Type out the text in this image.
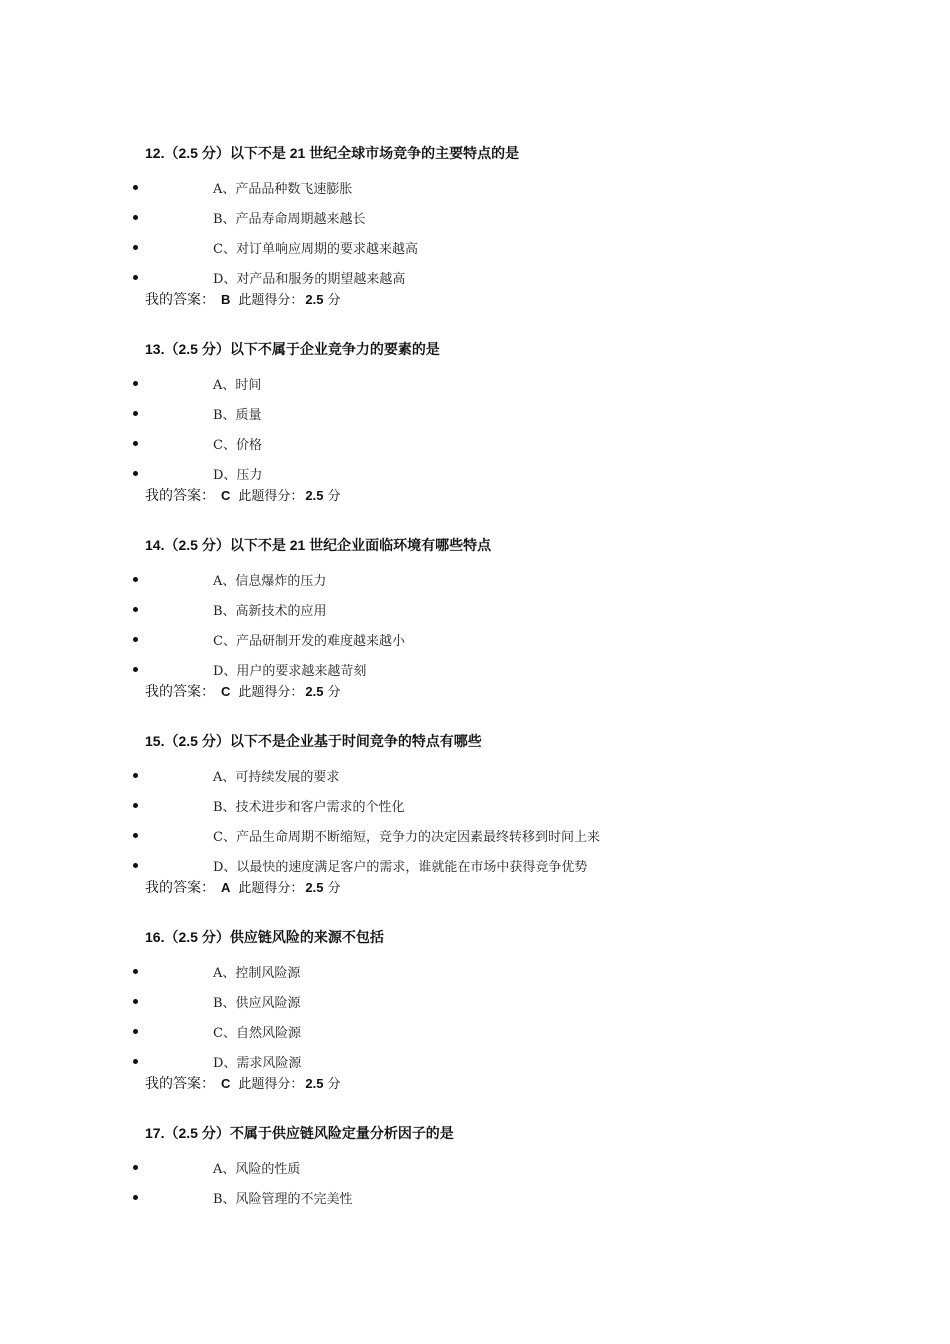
12.（2.5 分）以下不是 21 世纪全球市场竞争的主要特点的是
A、产品品种数飞速膨胀
B、产品寿命周期越来越长
C、对订单响应周期的要求越来越高
D、对产品和服务的期望越来越高
我的答案： B 此题得分： 2.5 分
13.（2.5 分）以下不属于企业竞争力的要素的是
A、时间
B、质量
C、价格
D、压力
我的答案： C 此题得分： 2.5 分
14.（2.5 分）以下不是 21 世纪企业面临环境有哪些特点
A、信息爆炸的压力
B、高新技术的应用
C、产品研制开发的难度越来越小
D、用户的要求越来越苛刻
我的答案： C 此题得分： 2.5 分
15.（2.5 分）以下不是企业基于时间竞争的特点有哪些
A、可持续发展的要求
B、技术进步和客户需求的个性化
C、产品生命周期不断缩短，竞争力的决定因素最终转移到时间上来
D、以最快的速度满足客户的需求，谁就能在市场中获得竞争优势
我的答案： A 此题得分： 2.5 分
16.（2.5 分）供应链风险的来源不包括
A、控制风险源
B、供应风险源
C、自然风险源
D、需求风险源
我的答案： C 此题得分： 2.5 分
17.（2.5 分）不属于供应链风险定量分析因子的是
A、风险的性质
B、风险管理的不完美性
